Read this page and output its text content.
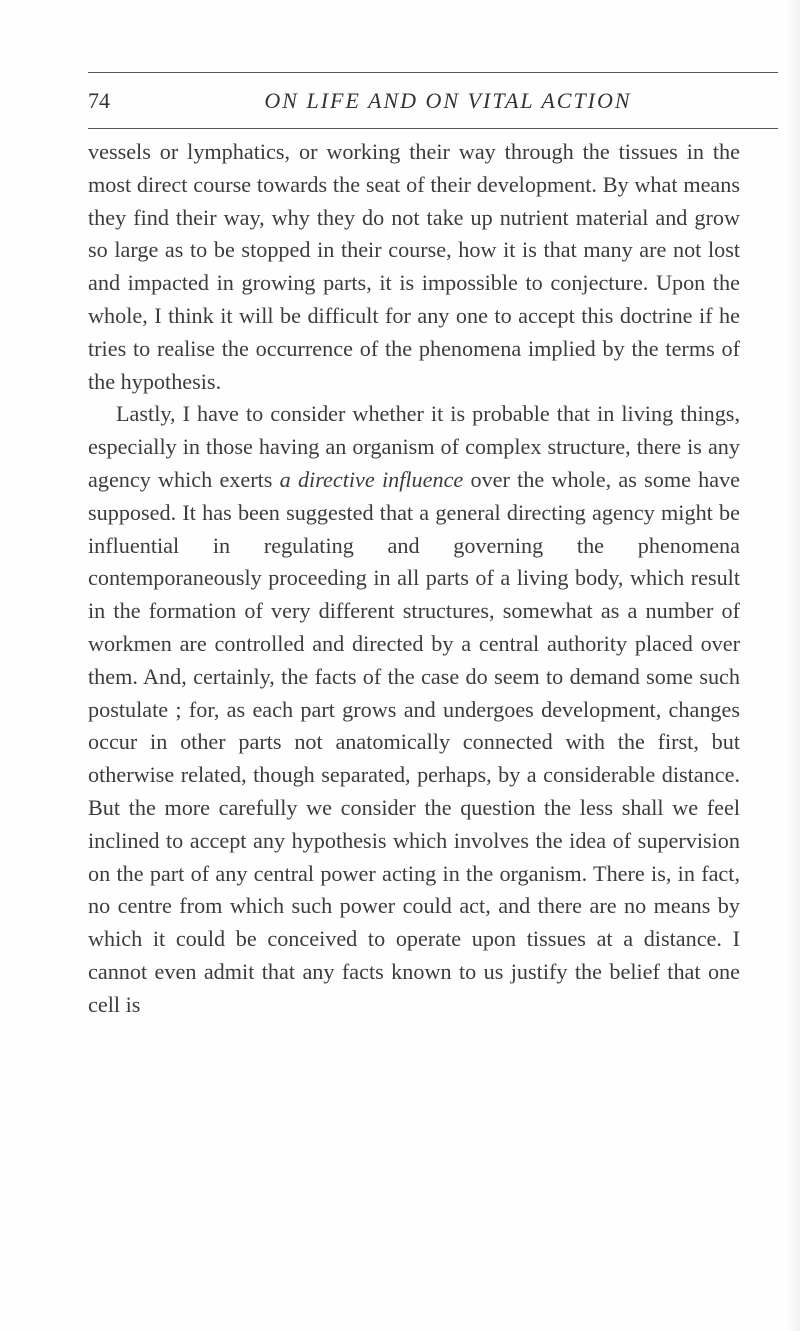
74	ON LIFE AND ON VITAL ACTION

vessels or lymphatics, or working their way through the tissues in the most direct course towards the seat of their development. By what means they find their way, why they do not take up nutrient material and grow so large as to be stopped in their course, how it is that many are not lost and impacted in growing parts, it is impossible to conjecture. Upon the whole, I think it will be difficult for any one to accept this doctrine if he tries to realise the occurrence of the phenomena implied by the terms of the hypothesis.

Lastly, I have to consider whether it is probable that in living things, especially in those having an organism of complex structure, there is any agency which exerts a directive influence over the whole, as some have supposed. It has been suggested that a general directing agency might be influential in regulating and governing the phenomena contemporaneously proceeding in all parts of a living body, which result in the formation of very different structures, somewhat as a number of workmen are controlled and directed by a central authority placed over them. And, certainly, the facts of the case do seem to demand some such postulate ; for, as each part grows and undergoes development, changes occur in other parts not anatomically connected with the first, but otherwise related, though separated, perhaps, by a considerable distance. But the more carefully we consider the question the less shall we feel inclined to accept any hypothesis which involves the idea of supervision on the part of any central power acting in the organism. There is, in fact, no centre from which such power could act, and there are no means by which it could be conceived to operate upon tissues at a distance. I cannot even admit that any facts known to us justify the belief that one cell is
